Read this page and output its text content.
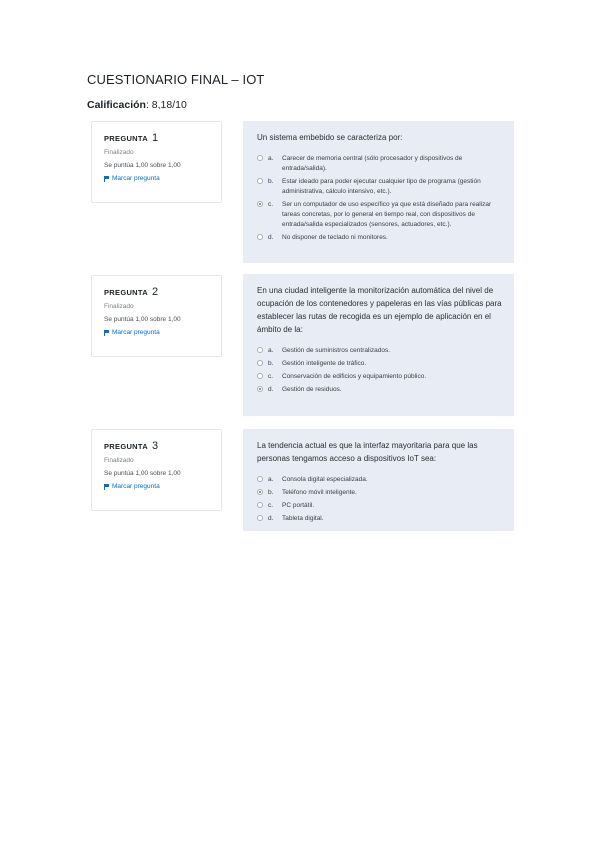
CUESTIONARIO FINAL – IOT
Calificación: 8,18/10
PREGUNTA 1
Finalizado
Se puntúa 1,00 sobre 1,00
Marcar pregunta
Un sistema embebido se caracteriza por:
a.	Carecer de memoria central (sólo procesador y dispositivos de entrada/salida).
b.	Estar ideado para poder ejecutar cualquier tipo de programa (gestión administrativa, cálculo intensivo, etc.).
c.	Ser un computador de uso específico ya que está diseñado para realizar tareas concretas, por lo general en tiempo real, con dispositivos de entrada/salida especializados (sensores, actuadores, etc.).
d.	No disponer de teclado ni monitores.
PREGUNTA 2
Finalizado
Se puntúa 1,00 sobre 1,00
Marcar pregunta
En una ciudad inteligente la monitorización automática del nivel de ocupación de los contenedores y papeleras en las vías públicas para establecer las rutas de recogida es un ejemplo de aplicación en el ámbito de la:
a.	Gestión de suministros centralizados.
b.	Gestión inteligente de tráfico.
c.	Conservación de edificios y equipamiento público.
d.	Gestión de residuos.
PREGUNTA 3
Finalizado
Se puntúa 1,00 sobre 1,00
Marcar pregunta
La tendencia actual es que la interfaz mayoritaria para que las personas tengamos acceso a dispositivos IoT sea:
a.	Consola digital especializada.
b.	Teléfono móvil inteligente.
c.	PC portátil.
d.	Tableta digital.
